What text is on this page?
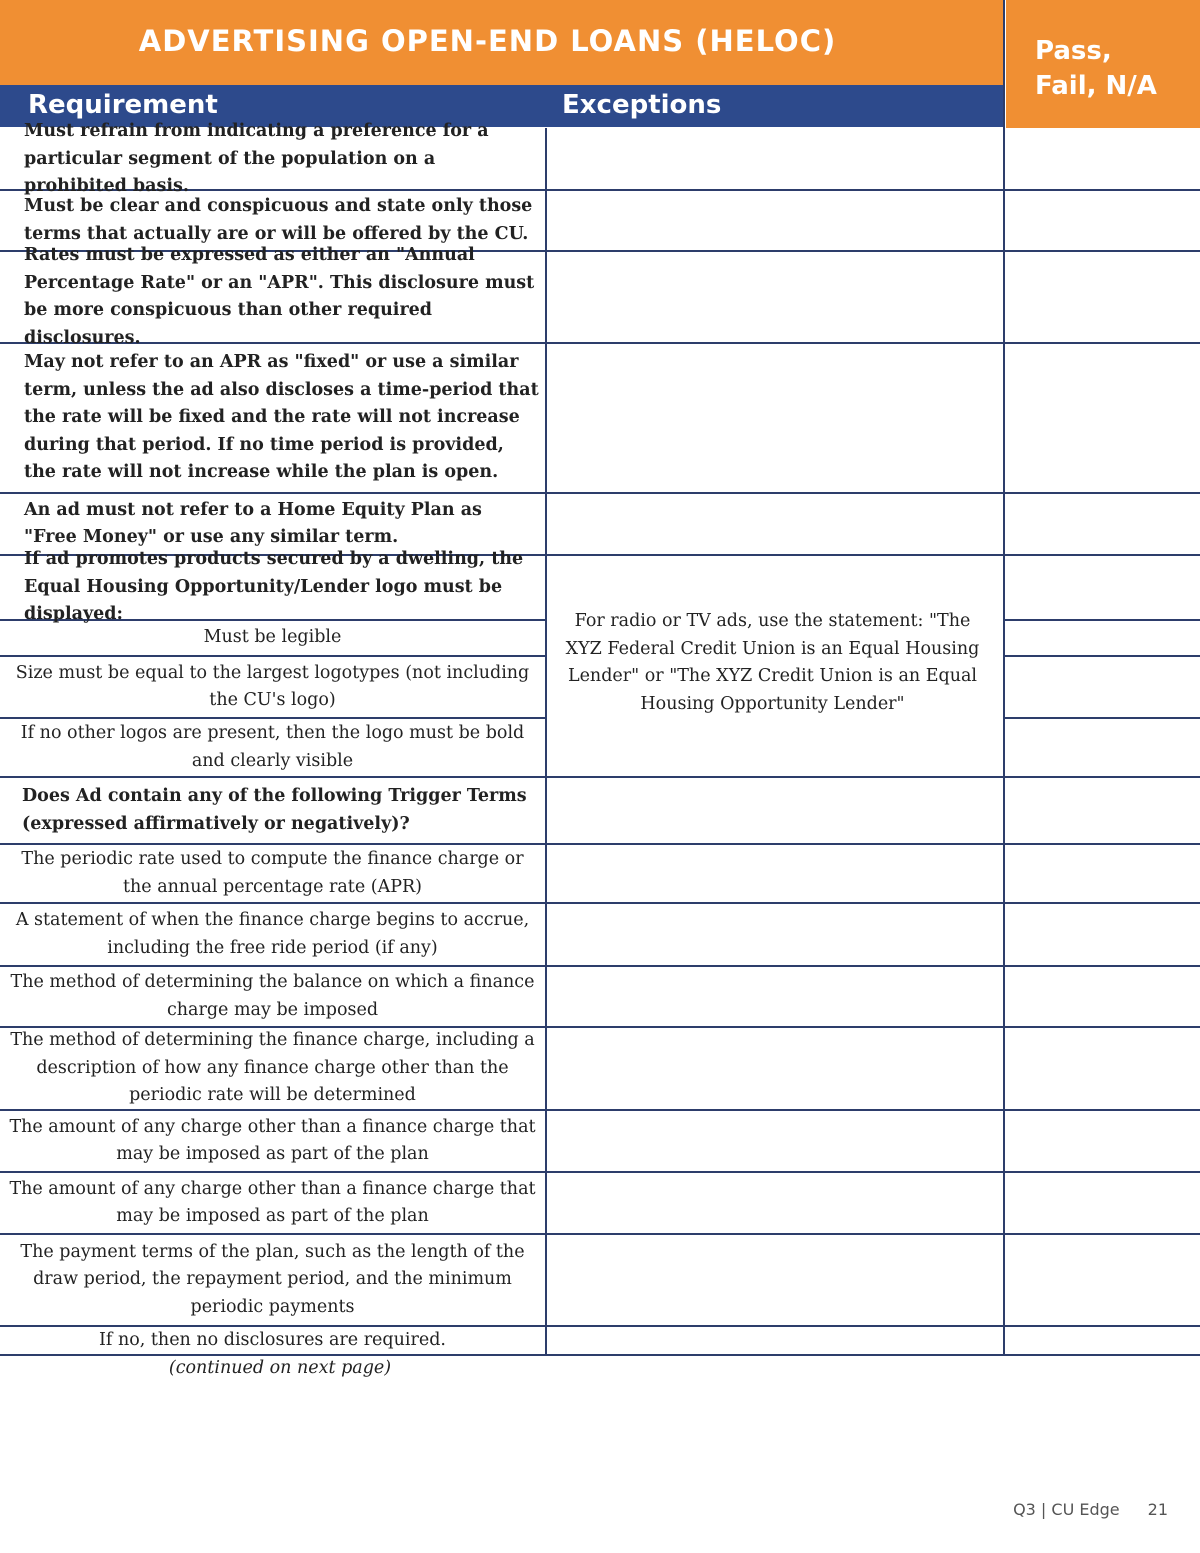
ADVERTISING OPEN-END LOANS (HELOC)
Requirement	Exceptions
Pass,
Fail, N/A
Must refrain from indicating a preference for a particular segment of the population on a prohibited basis.
Must be clear and conspicuous and state only those terms that actually are or will be offered by the CU.
Rates must be expressed as either an "Annual Percentage Rate" or an "APR". This disclosure must be more conspicuous than other required disclosures.
May not refer to an APR as "fixed" or use a similar term, unless the ad also discloses a time-period that the rate will be fixed and the rate will not increase during that period. If no time period is provided, the rate will not increase while the plan is open.
An ad must not refer to a Home Equity Plan as "Free Money" or use any similar term.
If ad promotes products secured by a dwelling, the Equal Housing Opportunity/Lender logo must be displayed:
Must be legible
Size must be equal to the largest logotypes (not including the CU's logo)
If no other logos are present, then the logo must be bold and clearly visible
Does Ad contain any of the following Trigger Terms (expressed affirmatively or negatively)?
The periodic rate used to compute the finance charge or the annual percentage rate (APR)
A statement of when the finance charge begins to accrue, including the free ride period (if any)
The method of determining the balance on which a finance charge may be imposed
The method of determining the finance charge, including a description of how any finance charge other than the periodic rate will be determined
The amount of any charge other than a finance charge that may be imposed as part of the plan
The amount of any charge other than a finance charge that may be imposed as part of the plan
The payment terms of the plan, such as the length of the draw period, the repayment period, and the minimum periodic payments
If no, then no disclosures are required.
For radio or TV ads, use the statement: "The XYZ Federal Credit Union is an Equal Housing Lender" or "The XYZ Credit Union is an Equal Housing Opportunity Lender"
(continued on next page)
Q3 | CU Edge 21
